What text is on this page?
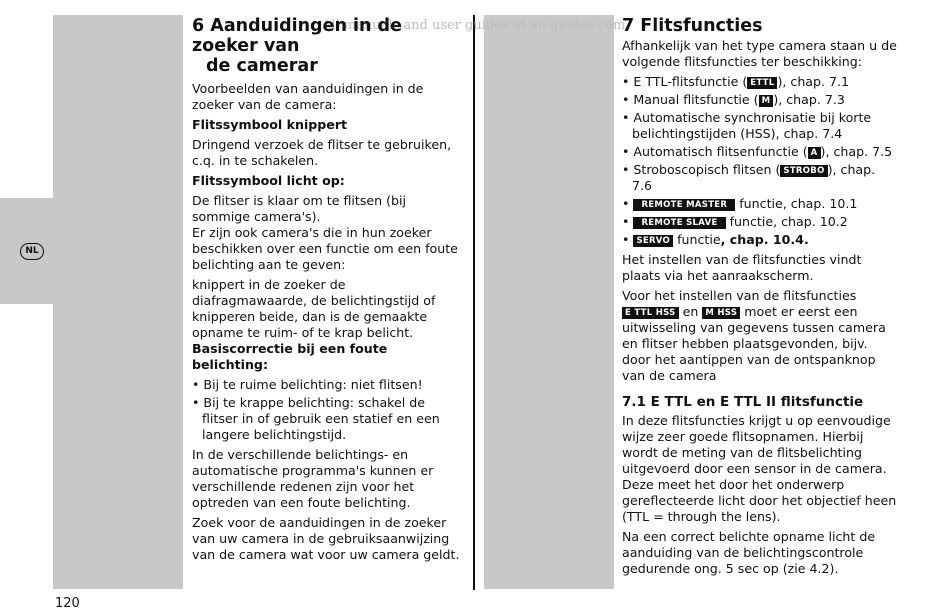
NL
All manuals and user guides at all-guides.com
6 Aanduidingen in de zoeker van
de camerar

Voorbeelden van aanduidingen in de zoeker van de camera:

Flitssymbool knippert

Dringend verzoek de flitser te gebruiken, c.q. in te schakelen.

Flitssymbool licht op:

De flitser is klaar om te flitsen (bij sommige camera's).

Er zijn ook camera's die in hun zoeker beschikken over een functie om een foute belichting aan te geven:

knippert in de zoeker de diafragmawaarde, de belichtingstijd of knipperen beide, dan is de gemaakte opname te ruim- of te krap belicht.

Basiscorrectie bij een foute belichting:
• Bij te ruime belichting: niet flitsen!
• Bij te krappe belichting: schakel de flitser in of gebruik een statief en een langere belichtingstijd.

In de verschillende belichtings- en automatische programma's kunnen er verschillende redenen zijn voor het optreden van een foute belichting.

Zoek voor de aanduidingen in de zoeker van uw camera in de gebruiksaanwijzing van de camera wat voor uw camera geldt.

7 Flitsfuncties

Afhankelijk van het type camera staan u de volgende flitsfuncties ter beschikking:

• E TTL-flitsfunctie ( ETTL ), chap. 7.1
• Manual flitsfunctie ( M ), chap. 7.3
• Automatische synchronisatie bij korte belichtingstijden (HSS), chap. 7.4
• Automatisch flitsenfunctie ( A ), chap. 7.5
• Stroboscopisch flitsen ( STROBO ), chap. 7.6
• REMOTE MASTER functie, chap. 10.1
• REMOTE SLAVE functie, chap. 10.2
• SERVO functie, chap. 10.4.

Het instellen van de flitsfuncties vindt plaats via het aanraakscherm.

Voor het instellen van de flitsfuncties
E TTL HSS en M HSS moet er eerst een uitwisseling van gegevens tussen camera en flitser hebben plaatsgevonden, bijv. door het aantippen van de ontspanknop van de camera

7.1 E TTL en E TTL II flitsfunctie

In deze flitsfuncties krijgt u op eenvoudige wijze zeer goede flitsopnamen. Hierbij wordt de meting van de flitsbelichting uitgevoerd door een sensor in de camera. Deze meet het door het onderwerp gereflecteerde licht door het objectief heen (TTL = through the lens).

Na een correct belichte opname licht de aanduiding van de belichtingscontrole gedurende ong. 5 sec op (zie 4.2).

120
